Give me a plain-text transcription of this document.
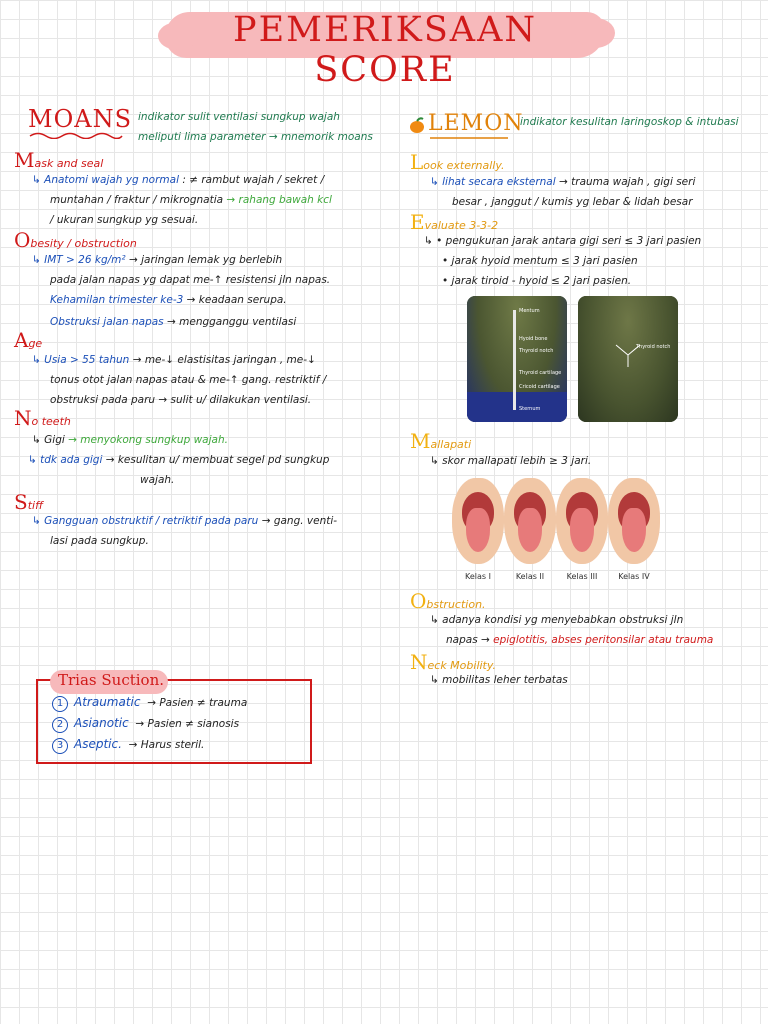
PEMERIKSAAN SCORE
MOANS indikator sulit ventilasi sungkup wajah
meliputi lima parameter → mnemorik moans
Mask and seal
↳ Anatomi wajah yg normal : ≠ rambut wajah / sekret /
muntahan / fraktur / mikrognatia → rahang bawah kcl
/ ukuran sungkup yg sesuai.
Obesity / obstruction
↳ IMT > 26 kg/m² → jaringan lemak yg berlebih
pada jalan napas yg dapat me-↑ resistensi jln napas.
Kehamilan trimester ke-3 → keadaan serupa.
Obstruksi jalan napas → mengganggu ventilasi
Age
↳ Usia > 55 tahun → me-↓ elastisitas jaringan , me-↓
tonus otot jalan napas atau & me-↑ gang. restriktif /
obstruksi pada paru → sulit u/ dilakukan ventilasi.
No teeth
↳ Gigi → menyokong sungkup wajah.
↳ tdk ada gigi → kesulitan u/ membuat segel pd sungkup
wajah.
Stiff
↳ Gangguan obstruktif / retriktif pada paru → gang. venti-
lasi pada sungkup.
Trias Suction.
1 Atraumatic → Pasien ≠ trauma
2 Asianotic → Pasien ≠ sianosis
3 Aseptic. → Harus steril.
LEMON
indikator kesulitan laringoskop & intubasi
Look externally.
↳ lihat secara eksternal → trauma wajah , gigi seri
besar , janggut / kumis yg lebar & lidah besar
Evaluate 3-3-2
↳ • pengukuran jarak antara gigi seri ≤ 3 jari pasien
• jarak hyoid mentum ≤ 3 jari pasien
• jarak tiroid - hyoid ≤ 2 jari pasien.
Mentum
Hyoid bone
Thyroid notch
Thyroid cartilage
Cricoid cartilage
Sternum
Thyroid notch
Mallapati
↳ skor mallapati lebih ≥ 3 jari.
Kelas I	Kelas II	Kelas III	Kelas IV
Obstruction.
↳ adanya kondisi yg menyebabkan obstruksi jln
napas → epiglotitis, abses peritonsilar atau trauma
Neck Mobility.
↳ mobilitas leher terbatas
